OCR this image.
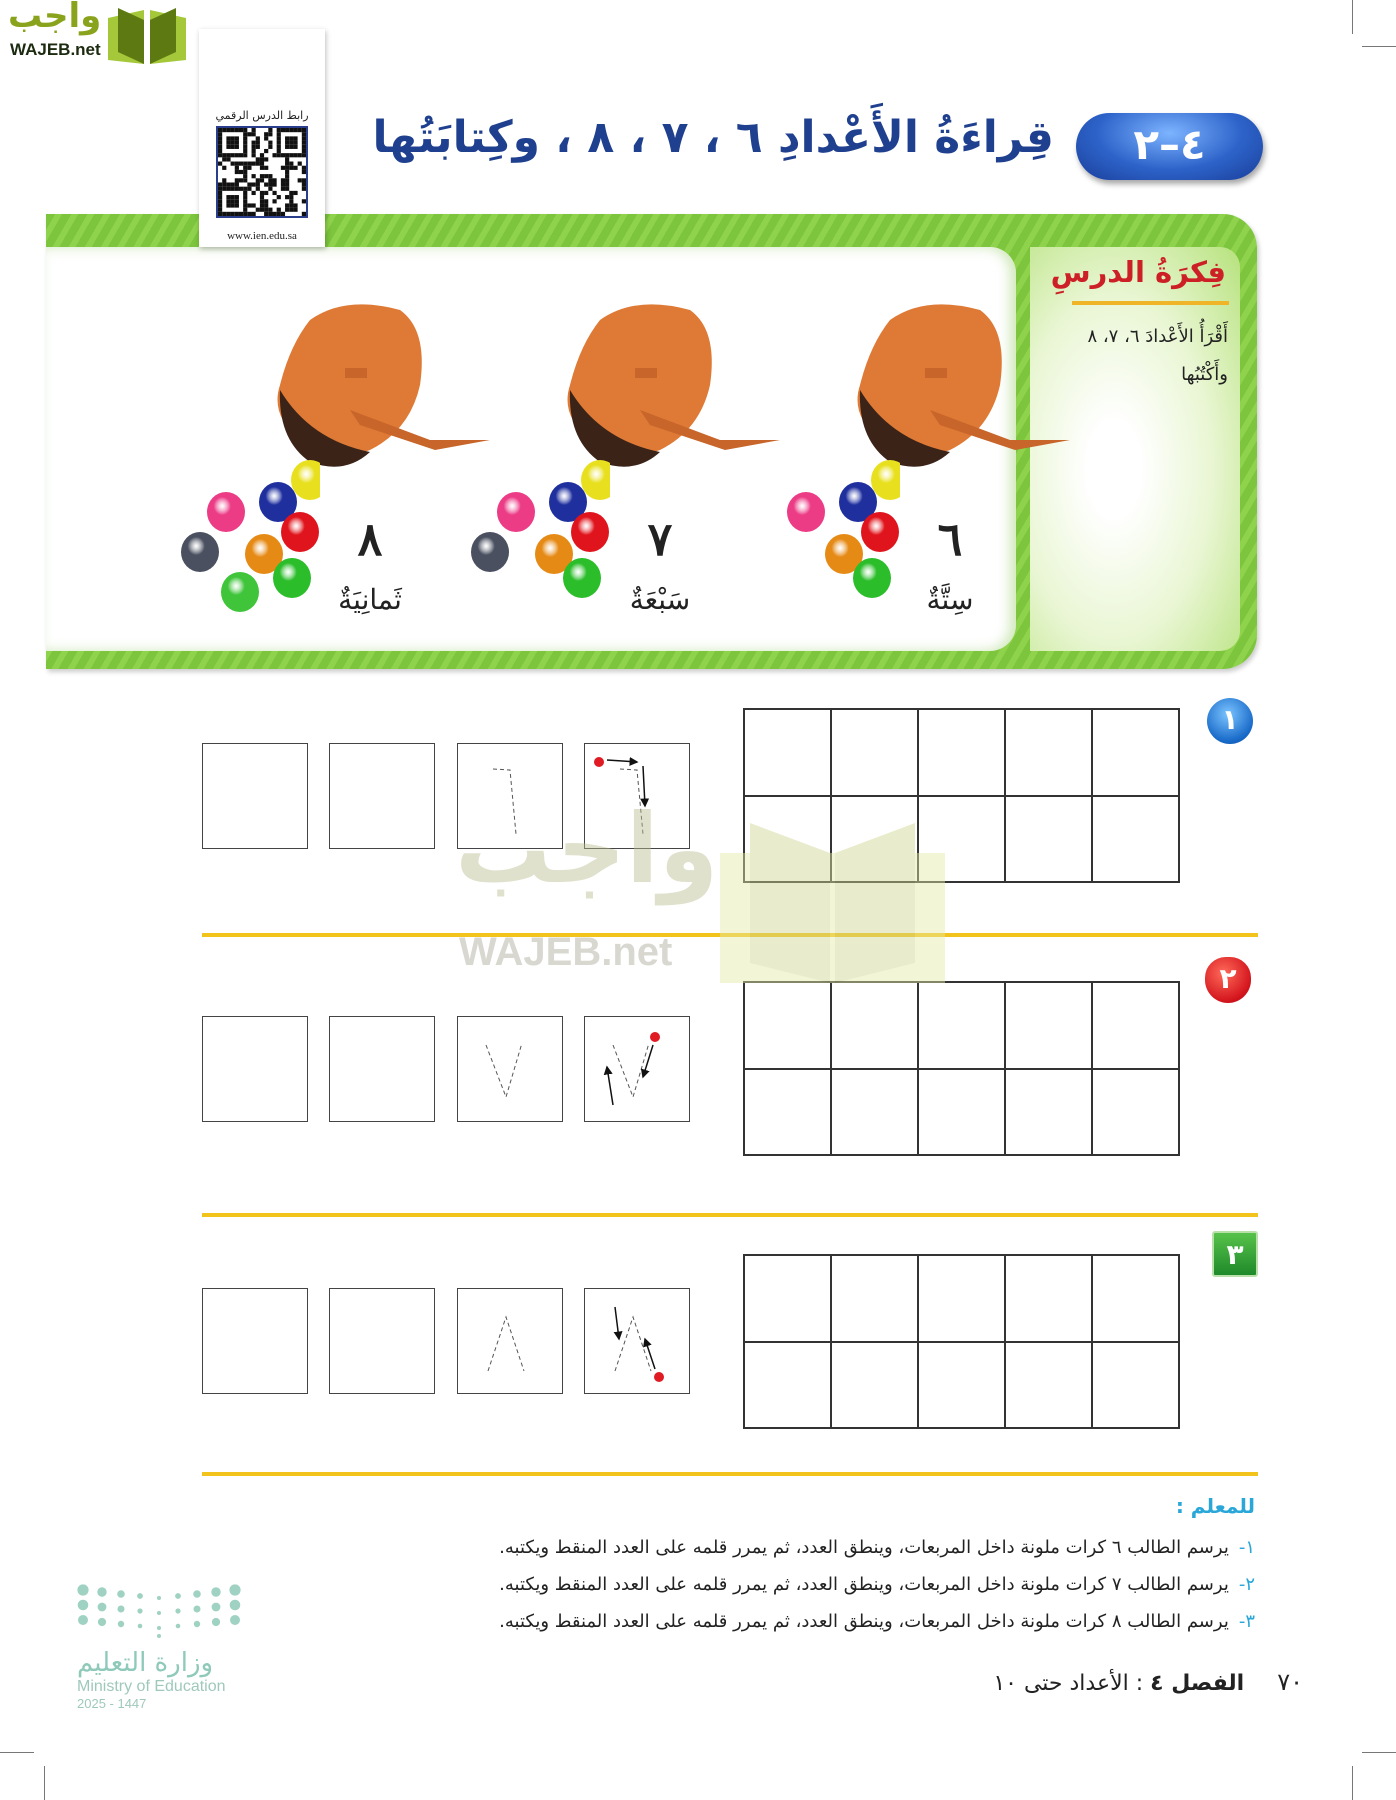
واجب
WAJEB.net
رابط الدرس الرقمي
www.ien.edu.sa
قِراءَةُ الأَعْدادِ ٦ ، ٧ ، ٨ ، وكِتابَتُها	٤–٢
فِكرَةُ الدرسِ
أَقْرَأُ الأَعْدادَ ٦، ٧، ٨ وأَكْتُبُها
٦
سِتَّةٌ
٧
سَبْعَةٌ
٨
ثَمانِيَةٌ
١
٢
٣
واجب
WAJEB.net
للمعلم :
١-يرسم الطالب ٦ كرات ملونة داخل المربعات، وينطق العدد، ثم يمرر قلمه على العدد المنقط ويكتبه.
٢-يرسم الطالب ٧ كرات ملونة داخل المربعات، وينطق العدد، ثم يمرر قلمه على العدد المنقط ويكتبه.
٣-يرسم الطالب ٨ كرات ملونة داخل المربعات، وينطق العدد، ثم يمرر قلمه على العدد المنقط ويكتبه.
٧٠ الفصل ٤ : الأعداد حتى ١٠
وزارة التعليم
Ministry of Education
2025 - 1447
